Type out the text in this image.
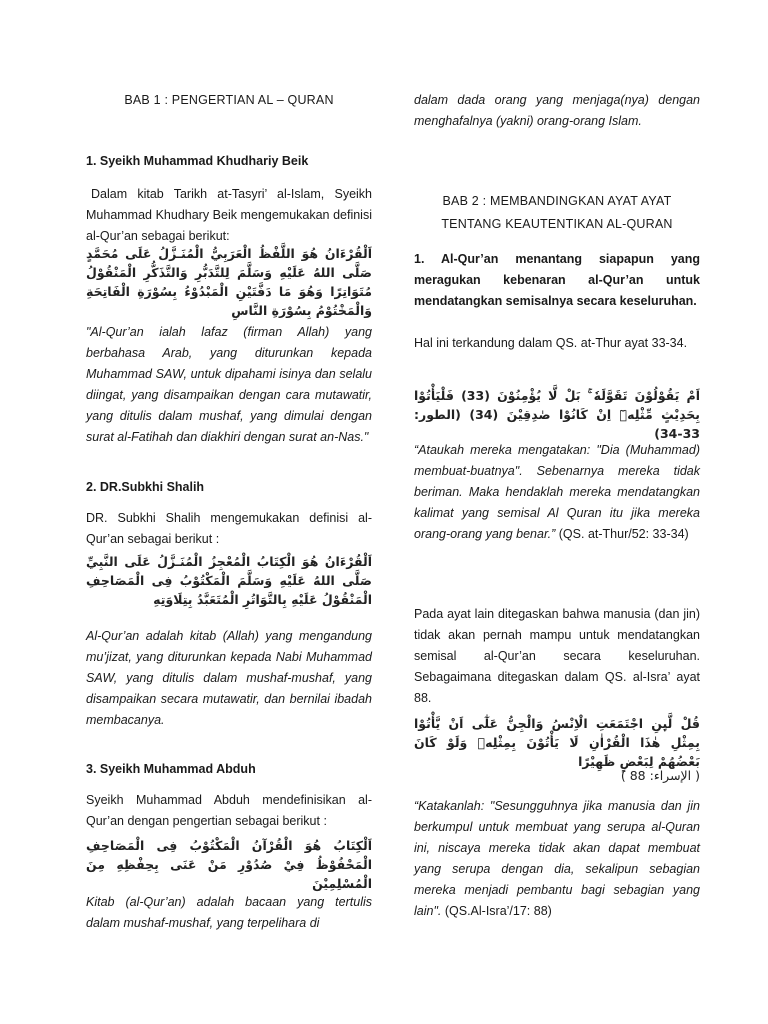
BAB 1 : PENGERTIAN AL – QURAN
1. Syeikh Muhammad Khudhariy Beik
Dalam kitab Tarikh at-Tasyri’ al-Islam, Syeikh Muhammad Khudhary Beik mengemukakan definisi al-Qur’an sebagai berikut:
اَلْقُرْءَانُ هُوَ اللَّفْظُ الْعَرَبِيُّ الْمُنَـزَّلُ عَلَى مُحَمَّدٍ صَلَّى اللهُ عَلَيْهِ وَسَلَّمَ لِلتَّدَبُّرِ وَالتَّذَكُّرِ الْمَنْقُوْلُ مُتَوَاتِرًا وَهُوَ مَا دَفَّتَيْنِ الْمَبْدُوْءُ بِسُوْرَةِ الْفَاتِحَةِ وَالْمَخْتُوْمُ بِسُوْرَةِ النَّاسِ
"Al-Qur’an ialah lafaz (firman Allah) yang berbahasa Arab, yang diturunkan kepada Muhammad SAW, untuk dipahami isinya dan selalu diingat, yang disampaikan dengan cara mutawatir, yang ditulis dalam mushaf, yang dimulai dengan surat al-Fatihah dan diakhiri dengan surat an-Nas."
2. DR.Subkhi Shalih
DR. Subkhi Shalih mengemukakan definisi al-Qur’an sebagai berikut :
اَلْقُرْءَانُ هُوَ الْكِتَابُ الْمُعْجِزُ الْمُنَـزَّلُ عَلَى النَّبِيِّ صَلَّى اللهُ عَلَيْهِ وَسَلَّمَ الْمَكْتُوْبُ فِى الْمَصَاحِفِ الْمَنْقُوْلُ عَلَيْهِ بِالتَّوَاتُرِ الْمُتَعَبَّدُ بِتِلَاوَتِهِ
Al-Qur’an adalah kitab (Allah) yang mengandung mu’jizat, yang diturunkan kepada Nabi Muhammad SAW, yang ditulis dalam mushaf-mushaf, yang disampaikan secara mutawatir, dan bernilai ibadah membacanya.
3. Syeikh Muhammad Abduh
Syeikh Muhammad Abduh mendefinisikan al-Qur’an dengan pengertian sebagai berikut :
اَلْكِتَابُ هُوَ الْقُرْآنُ الْمَكْتُوْبُ فِى الْمَصَاحِفِ الْمَحْفُوْظُ فِيْ صُدُوْرِ مَنْ عَنَى بِحِفْظِهِ مِنَ الْمُسْلِمِيْنَ
Kitab (al-Qur’an) adalah bacaan yang tertulis dalam mushaf-mushaf, yang terpelihara di
dalam dada orang yang menjaga(nya) dengan menghafalnya (yakni) orang-orang Islam.
BAB 2 : MEMBANDINGKAN AYAT AYAT
TENTANG KEAUTENTIKAN AL-QURAN
1. Al-Qur’an menantang siapapun yang meragukan kebenaran al-Qur’an untuk mendatangkan semisalnya secara keseluruhan.
Hal ini terkandung dalam QS. at-Thur ayat 33-34.
اَمْ يَقُوْلُوْنَ تَقَوَّلَهٗ ۚ بَلْ لَّا يُؤْمِنُوْنَ (33) فَلْيَأْتُوْا بِحَدِيْثٍ مِّثْلِهٖٓ اِنْ كَانُوْا صٰدِقِيْنَ (34) (الطور: 33-34)
“Ataukah mereka mengatakan: "Dia (Muhammad) membuat-buatnya". Sebenarnya mereka tidak beriman. Maka hendaklah mereka mendatangkan kalimat yang semisal Al Quran itu jika mereka orang-orang yang benar.” (QS. at-Thur/52: 33-34)
Pada ayat lain ditegaskan bahwa manusia (dan jin) tidak akan pernah mampu untuk mendatangkan semisal al-Qur’an secara keseluruhan. Sebagaimana ditegaskan dalam QS. al-Isra’ ayat 88.
قُلْ لَّىِٕنِ اجْتَمَعَتِ الْاِنْسُ وَالْجِنُّ عَلٰٓى اَنْ يَّأْتُوْا بِمِثْلِ هٰذَا الْقُرْاٰنِ لَا يَأْتُوْنَ بِمِثْلِهٖ وَلَوْ كَانَ بَعْضُهُمْ لِبَعْضٍ ظَهِيْرًا
( الإسراء: 88 )
“Katakanlah: "Sesungguhnya jika manusia dan jin berkumpul untuk membuat yang serupa al-Quran ini, niscaya mereka tidak akan dapat membuat yang serupa dengan dia, sekalipun sebagian mereka menjadi pembantu bagi sebagian yang lain". (QS.Al-Isra’/17: 88)
